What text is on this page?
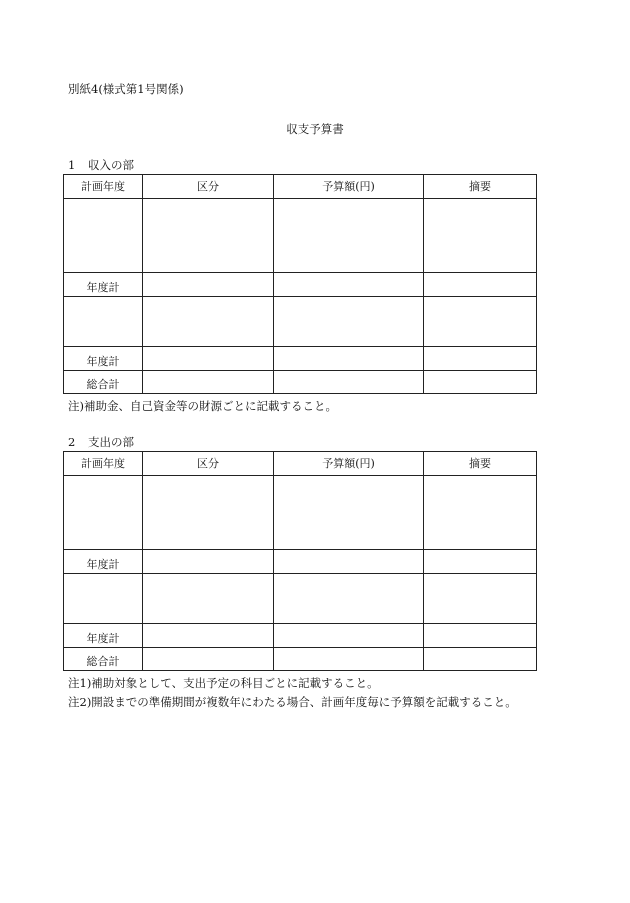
別紙4(様式第1号関係)
収支予算書
1 収入の部
計画年度	区分	予算額(円)	摘要

年度計			

年度計			
総合計			
注)補助金、自己資金等の財源ごとに記載すること。
2 支出の部
計画年度	区分	予算額(円)	摘要

年度計			

年度計			
総合計			
注1)補助対象として、支出予定の科目ごとに記載すること。
注2)開設までの準備期間が複数年にわたる場合、計画年度毎に予算額を記載すること。
